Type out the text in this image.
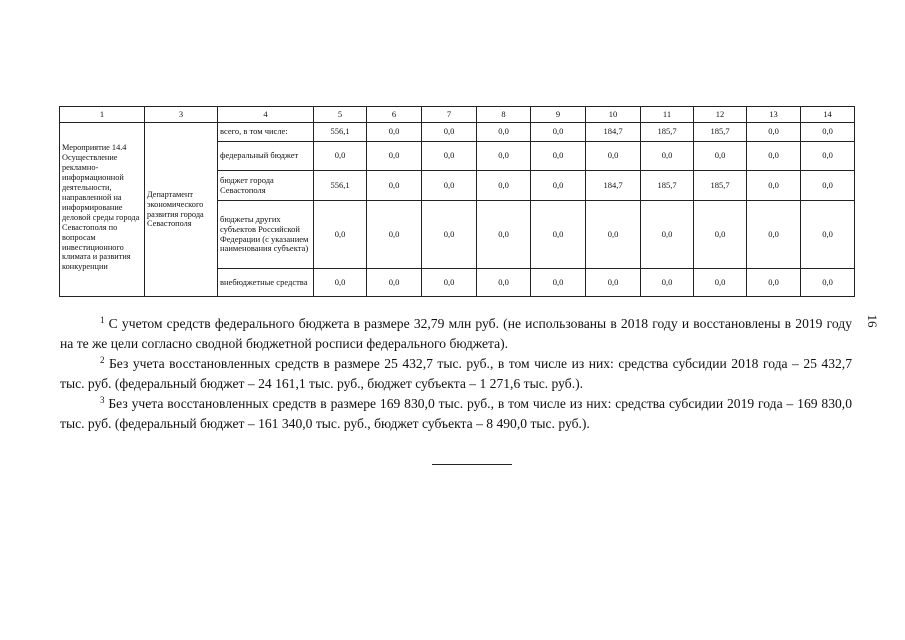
1	3	4	5	6	7	8	9	10	11	12	13	14
Мероприятие 14.4 Осуществление рекламно-информационной деятельности, направленной на информирование деловой среды города Севастополя по вопросам инвестиционного климата и развития конкуренции	Департамент экономического развития города Севастополя	всего, в том числе:	556,1	0,0	0,0	0,0	0,0	184,7	185,7	185,7	0,0	0,0
		федеральный бюджет	0,0	0,0	0,0	0,0	0,0	0,0	0,0	0,0	0,0	0,0
		бюджет города Севастополя	556,1	0,0	0,0	0,0	0,0	184,7	185,7	185,7	0,0	0,0
		бюджеты других субъектов Российской Федерации (с указанием наименования субъекта)	0,0	0,0	0,0	0,0	0,0	0,0	0,0	0,0	0,0	0,0
		внебюджетные средства	0,0	0,0	0,0	0,0	0,0	0,0	0,0	0,0	0,0	0,0
16

$^1$ С учетом средств федерального бюджета в размере 32,79 млн руб. (не использованы в 2018 году и восстановлены в 2019 году на те же цели согласно сводной бюджетной росписи федерального бюджета).

$^2$ Без учета восстановленных средств в размере 25 432,7 тыс. руб., в том числе из них: средства субсидии 2018 года – 25 432,7 тыс. руб. (федеральный бюджет – 24 161,1 тыс. руб., бюджет субъекта – 1 271,6 тыс. руб.).

$^3$ Без учета восстановленных средств в размере 169 830,0 тыс. руб., в том числе из них: средства субсидии 2019 года – 169 830,0 тыс. руб. (федеральный бюджет – 161 340,0 тыс. руб., бюджет субъекта – 8 490,0 тыс. руб.).
